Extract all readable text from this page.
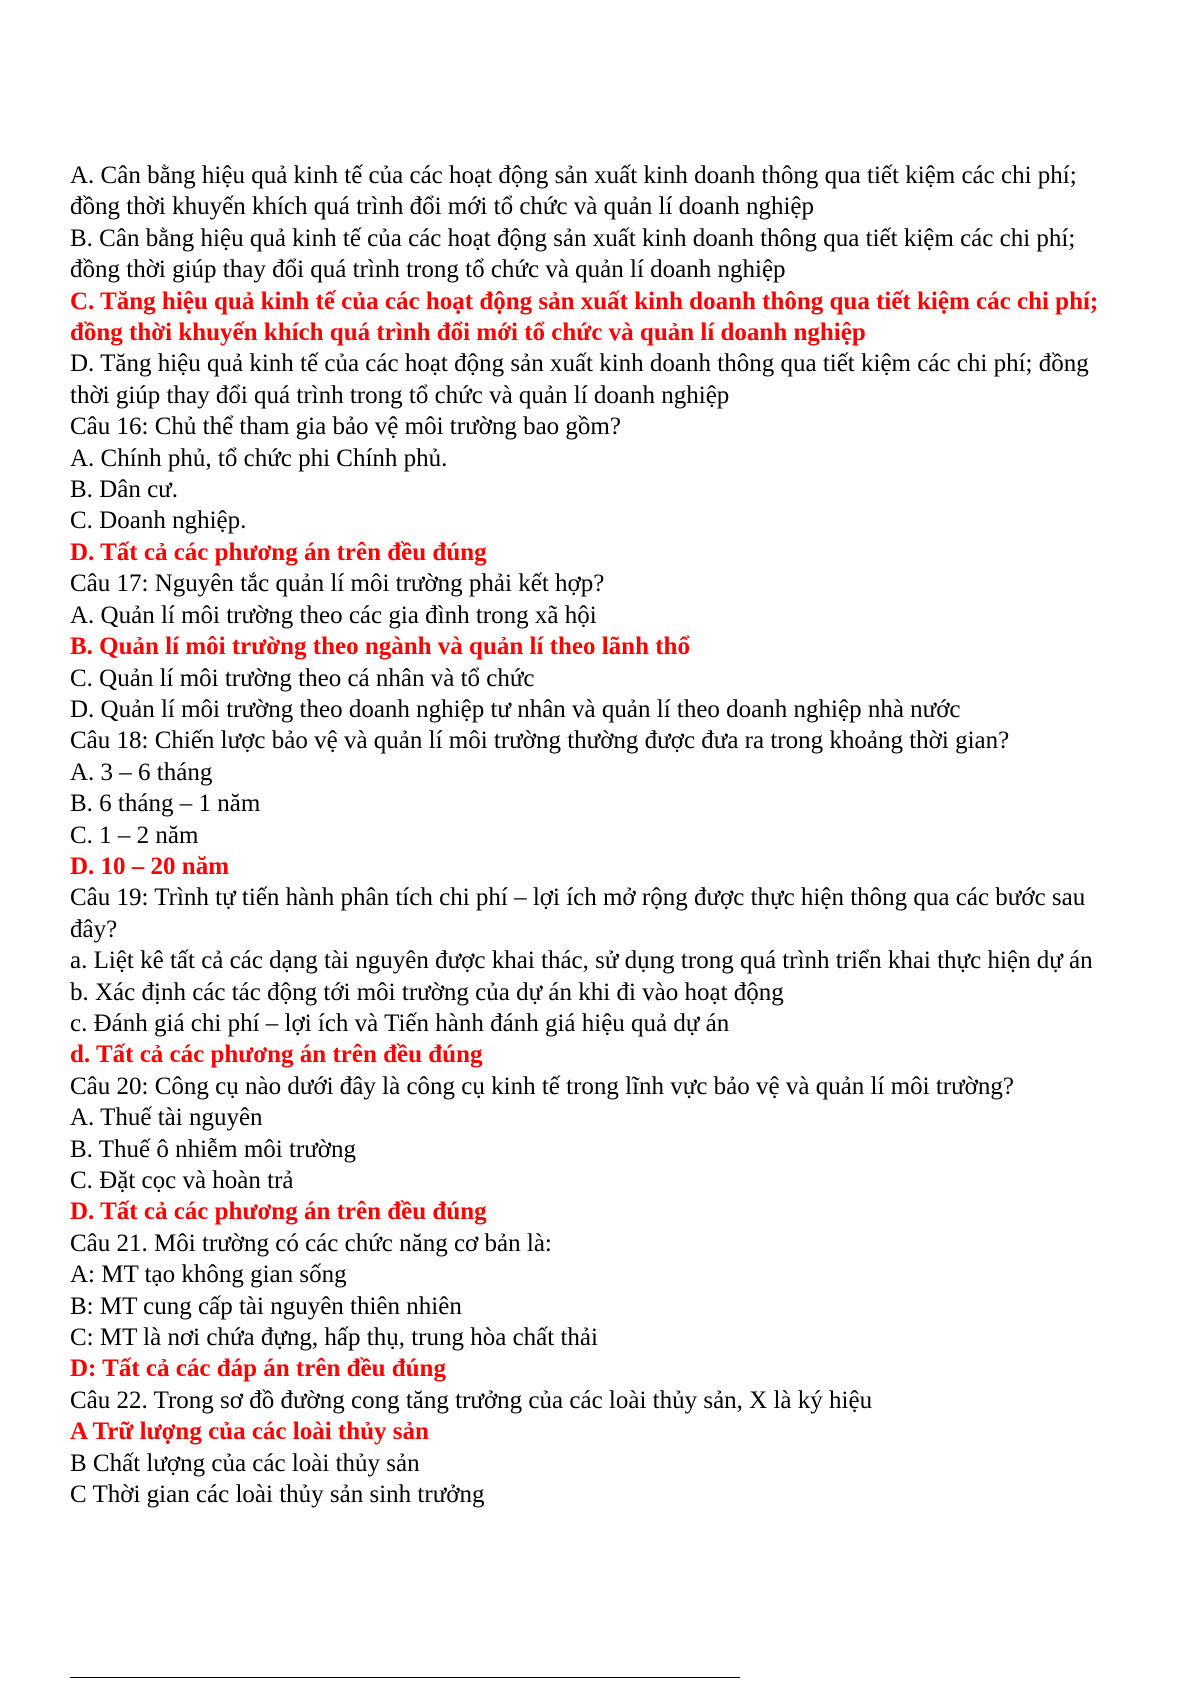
A. Cân bằng hiệu quả kinh tế của các hoạt động sản xuất kinh doanh thông qua tiết kiệm các chi phí; đồng thời khuyến khích quá trình đổi mới tổ chức và quản lí doanh nghiệp

B. Cân bằng hiệu quả kinh tế của các hoạt động sản xuất kinh doanh thông qua tiết kiệm các chi phí; đồng thời giúp thay đổi quá trình trong tổ chức và quản lí doanh nghiệp

C. Tăng hiệu quả kinh tế của các hoạt động sản xuất kinh doanh thông qua tiết kiệm các chi phí; đồng thời khuyến khích quá trình đổi mới tổ chức và quản lí doanh nghiệp

D. Tăng hiệu quả kinh tế của các hoạt động sản xuất kinh doanh thông qua tiết kiệm các chi phí; đồng thời giúp thay đổi quá trình trong tổ chức và quản lí doanh nghiệp

Câu 16: Chủ thể tham gia bảo vệ môi trường bao gồm?

A. Chính phủ, tổ chức phi Chính phủ.

B. Dân cư.

C. Doanh nghiệp.

D. Tất cả các phương án trên đều đúng

Câu 17: Nguyên tắc quản lí môi trường phải kết hợp?

A. Quản lí môi trường theo các gia đình trong xã hội

B. Quản lí môi trường theo ngành và quản lí theo lãnh thổ

C. Quản lí môi trường theo cá nhân và tổ chức

D. Quản lí môi trường theo doanh nghiệp tư nhân và quản lí theo doanh nghiệp nhà nước

Câu 18: Chiến lược bảo vệ và quản lí môi trường thường được đưa ra trong khoảng thời gian?

A. 3 – 6 tháng

B. 6 tháng – 1 năm

C. 1 – 2 năm

D. 10 – 20 năm

Câu 19: Trình tự tiến hành phân tích chi phí – lợi ích mở rộng được thực hiện thông qua các bước sau đây?

a. Liệt kê tất cả các dạng tài nguyên được khai thác, sử dụng trong quá trình triển khai thực hiện dự án

b. Xác định các tác động tới môi trường của dự án khi đi vào hoạt động

c. Đánh giá chi phí – lợi ích và Tiến hành đánh giá hiệu quả dự án

d. Tất cả các phương án trên đều đúng

Câu 20: Công cụ nào dưới đây là công cụ kinh tế trong lĩnh vực bảo vệ và quản lí môi trường?

A. Thuế tài nguyên

B. Thuế ô nhiễm môi trường

C. Đặt cọc và hoàn trả

D. Tất cả các phương án trên đều đúng

Câu 21. Môi trường có các chức năng cơ bản là:

A: MT tạo không gian sống

B: MT cung cấp tài nguyên thiên nhiên

C: MT là nơi chứa đựng, hấp thụ, trung hòa chất thải

D: Tất cả các đáp án trên đều đúng

Câu 22. Trong sơ đồ đường cong tăng trưởng của các loài thủy sản, X là ký hiệu

A Trữ lượng của các loài thủy sản

B Chất lượng của các loài thủy sản

C Thời gian các loài thủy sản sinh trưởng
